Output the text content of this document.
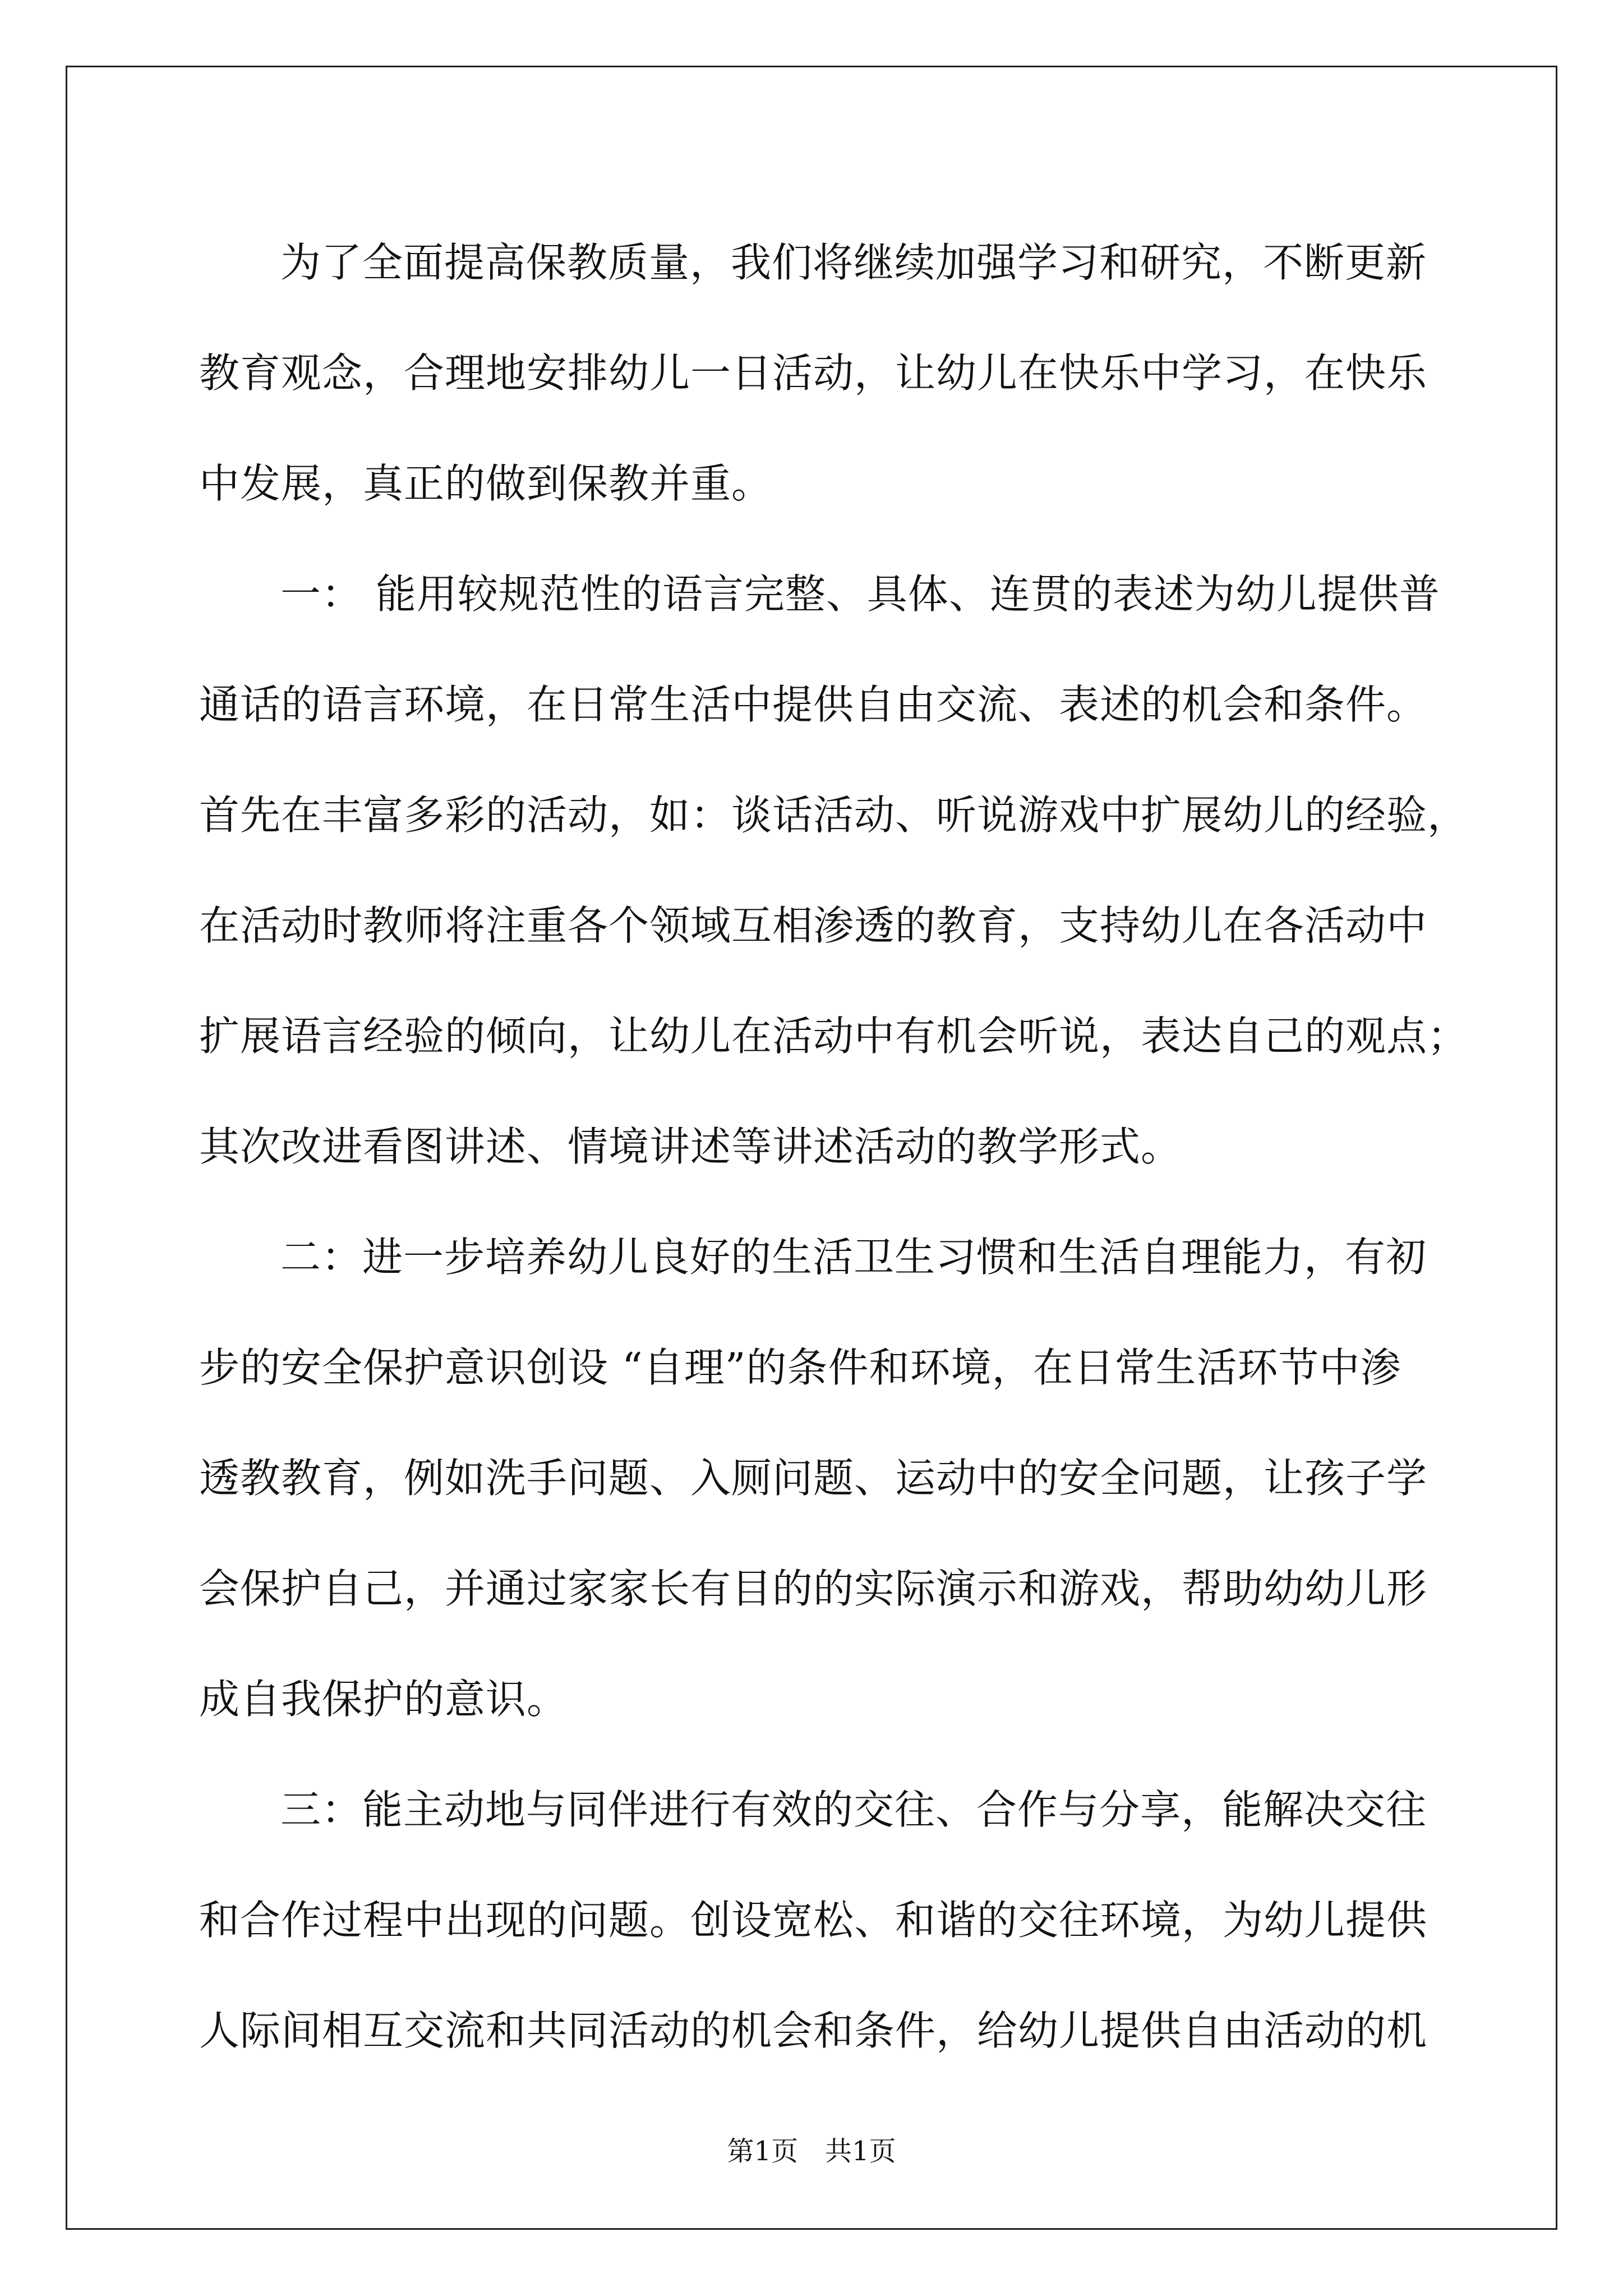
为了全面提高保教质量，我们将继续加强学习和研究，不断更新
教育观念，合理地安排幼儿一日活动，让幼儿在快乐中学习，在快乐
中发展，真正的做到保教并重。
一： 能用较规范性的语言完整、具体、连贯的表述为幼儿提供普
通话的语言环境，在日常生活中提供自由交流、表述的机会和条件。
首先在丰富多彩的活动，如：谈话活动、听说游戏中扩展幼儿的经验，
在活动时教师将注重各个领域互相渗透的教育，支持幼儿在各活动中
扩展语言经验的倾向，让幼儿在活动中有机会听说，表达自己的观点；
其次改进看图讲述、情境讲述等讲述活动的教学形式。
二：进一步培养幼儿良好的生活卫生习惯和生活自理能力，有初
步的安全保护意识创设 “自理”的条件和环境，在日常生活环节中渗
透教教育，例如洗手问题、入厕问题、运动中的安全问题，让孩子学
会保护自己，并通过家家长有目的的实际演示和游戏，帮助幼幼儿形
成自我保护的意识。
三：能主动地与同伴进行有效的交往、合作与分享，能解决交往
和合作过程中出现的问题。创设宽松、和谐的交往环境，为幼儿提供
人际间相互交流和共同活动的机会和条件，给幼儿提供自由活动的机
第1页　共1页
